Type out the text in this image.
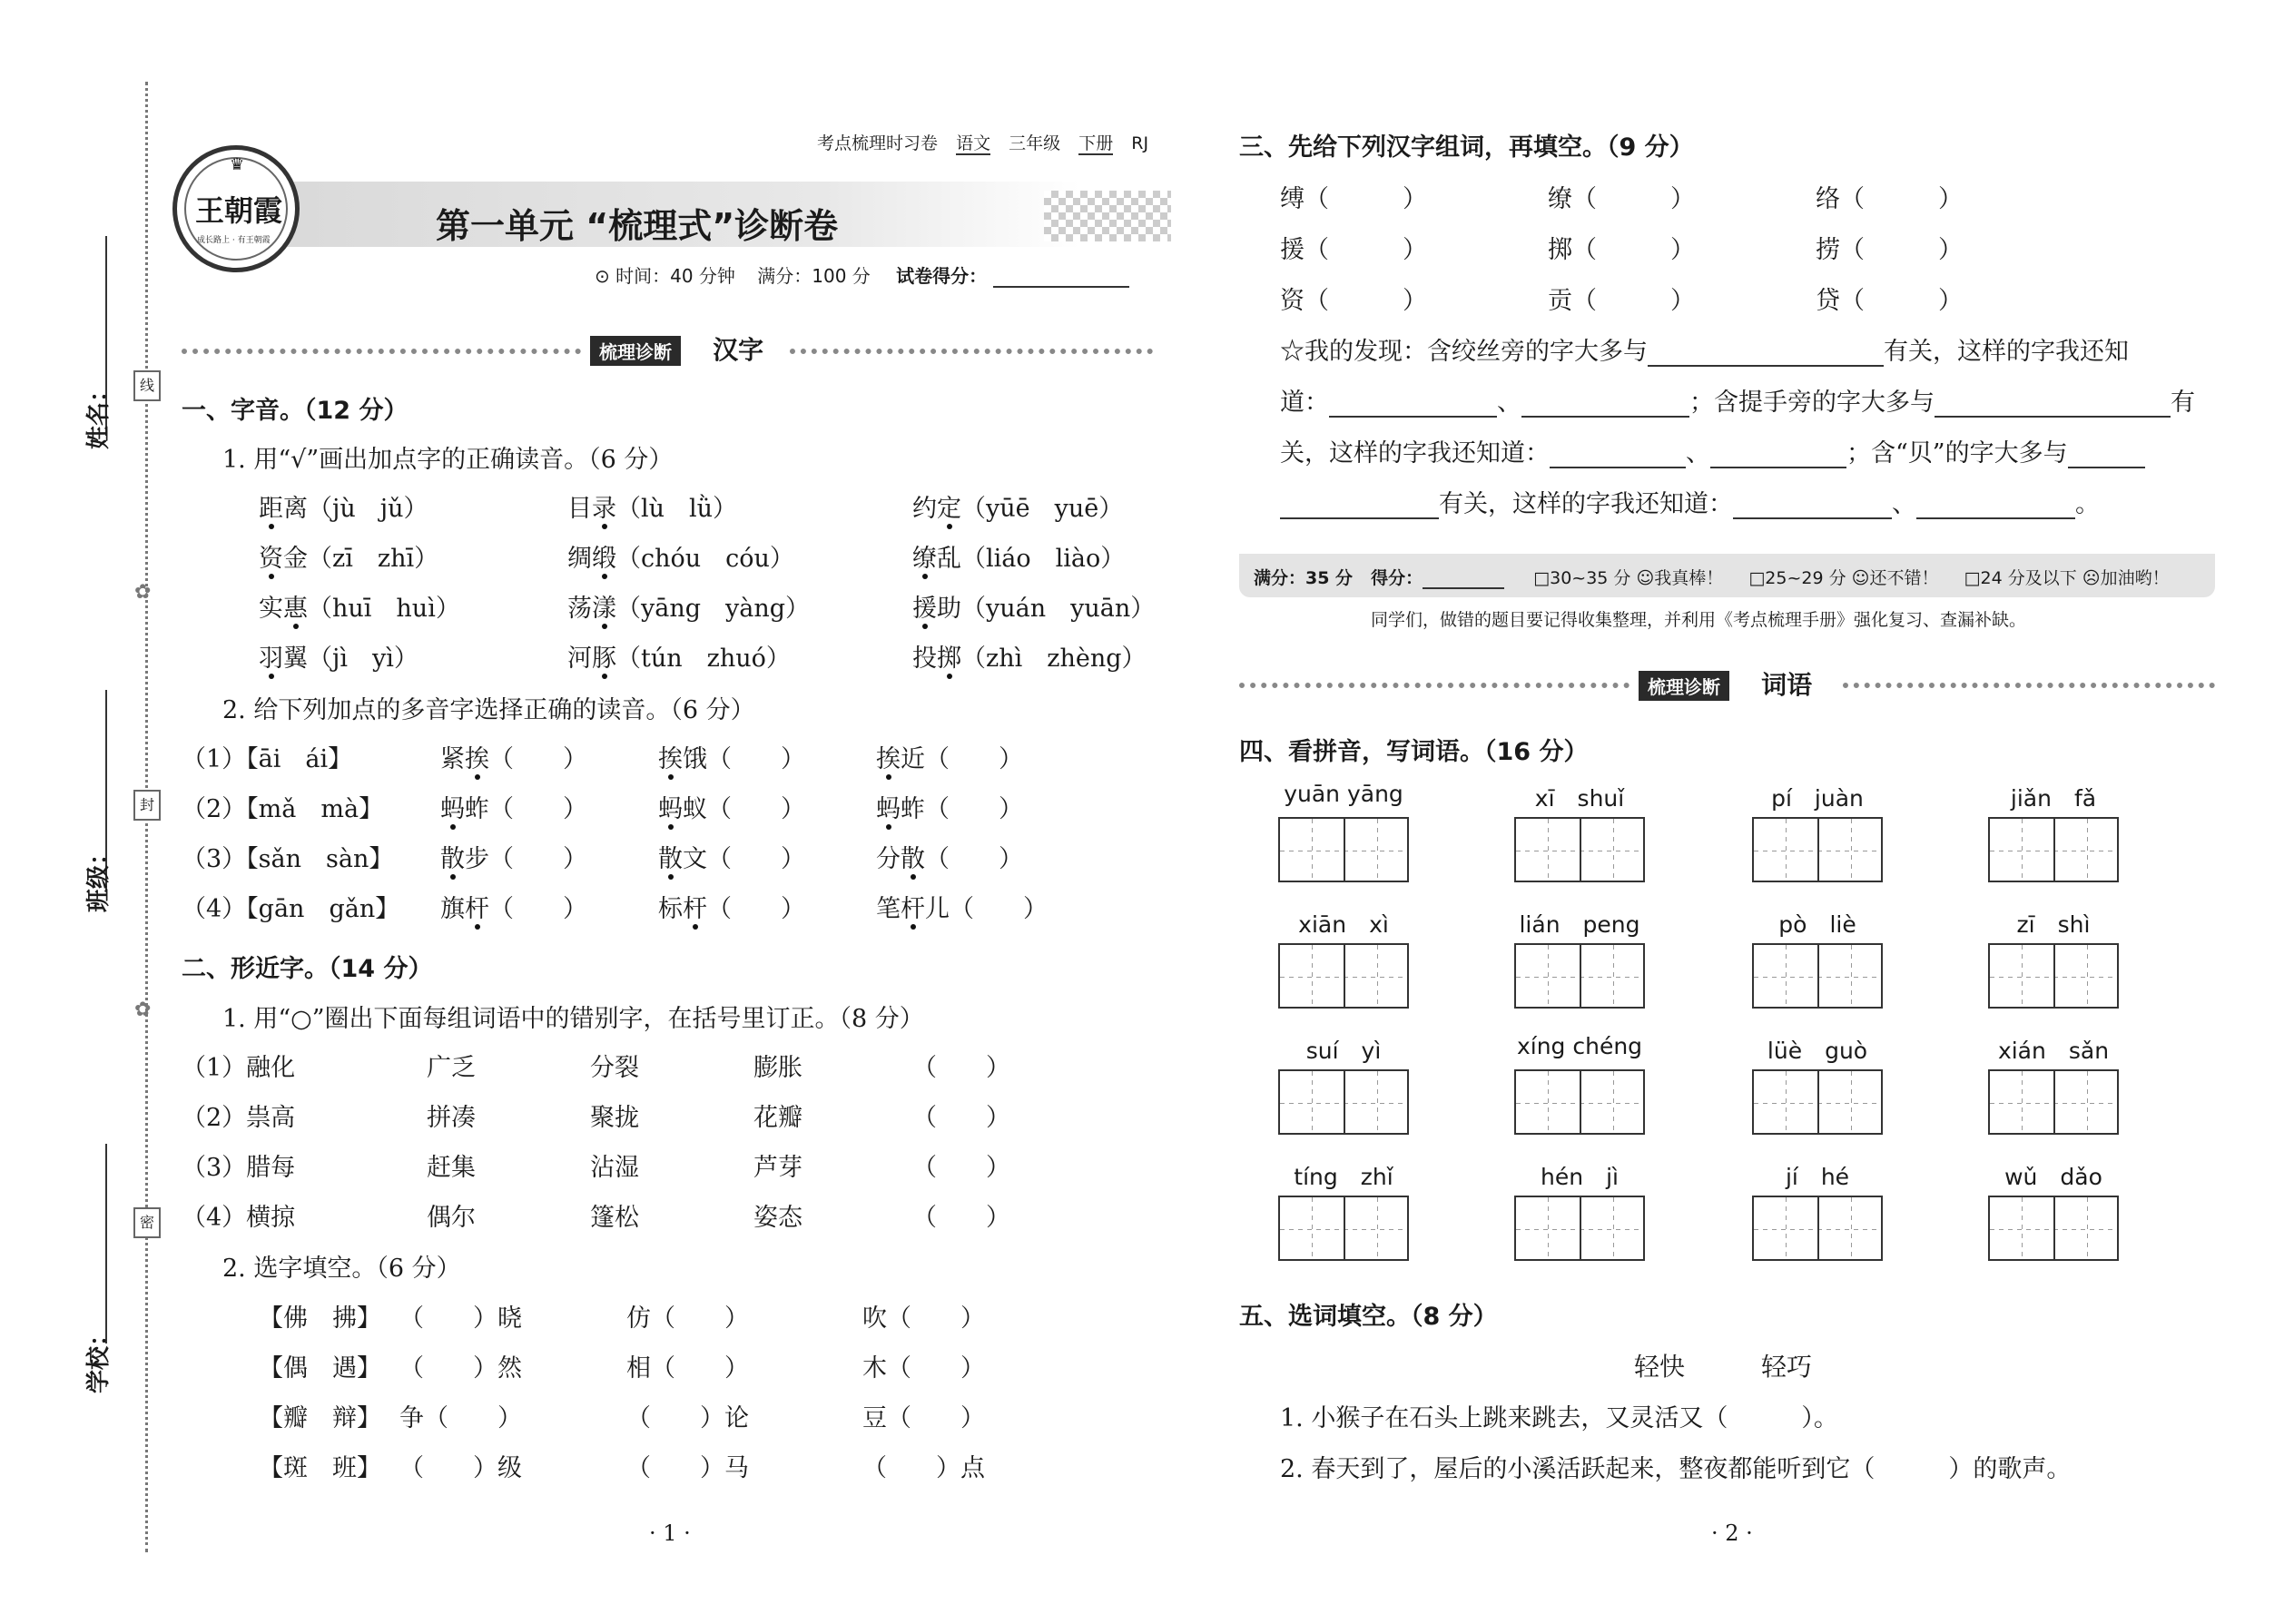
线
✿
封
✿
密
姓名：
班级：
学校：
♛
王朝霞
成长路上 · 有王朝霞
考点梳理时习卷 语文 三年级 下册 RJ
第一单元 “梳理式”诊断卷
⊙ 时间：40 分钟 满分：100 分 试卷得分：
梳理诊断 汉字
一、字音。（12 分）
1. 用“√”画出加点字的正确读音。（6 分）
距离（jù　jǔ）	目录（lù　lǜ）	约定（yūē　yuē）
资金（zī　zhī）	绸缎（chóu　cóu）	缭乱（liáo　liào）
实惠（huī　huì）	荡漾（yāng　yàng）	援助（yuán　yuān）
羽翼（jì　yì）	河豚（tún　zhuó）	投掷（zhì　zhèng）
2. 给下列加点的多音字选择正确的读音。（6 分）
（1）【āi　ái】	紧挨（　　）	挨饿（　　）	挨近（　　）
（2）【mǎ　mà】 蚂蚱（　　）	蚂蚁（　　）	蚂蚱（　　）
（3）【sǎn　sàn】 散步（　　）	散文（　　）	分散（　　）
（4）【gān　gǎn】 旗杆（　　）	标杆（　　）	笔杆儿（　　）
二、形近字。（14 分）
1. 用“○”圈出下面每组词语中的错别字，在括号里订正。（8 分）
（1）融化	广乏	分裂	膨胀	（　　）
（2）祟高	拼凑	聚拢	花瓣	（　　）
（3）腊每	赶集	沾湿	芦芽	（　　）
（4）横掠	偶尔	篷松	姿态	（　　）
2. 选字填空。（6 分）
【佛　拂】 （　　）晓	仿（　　）	吹（　　）
【偶　遇】 （　　）然	相（　　）	木（　　）
【瓣　辩】 争（　　）	（　　）论	豆（　　）
【斑　班】 （　　）级	（　　）马	（　　）点
· 1 ·
三、先给下列汉字组词，再填空。（9 分）
缚（　　　）	缭（　　　）	络（　　　）
援（　　　）	掷（　　　）	捞（　　　）
资（　　　）	贡（　　　）	贷（　　　）
☆我的发现：含绞丝旁的字大多与	有关，这样的字我还知
道：	、	；含提手旁的字大多与	有
关，这样的字我还知道：	、	；含“贝”的字大多与
有关，这样的字我还知道：	、	。
满分：35 分 得分：	□30~35 分 ☺我真棒！ □25~29 分 ☺还不错！ □24 分及以下 ☹加油哟！
同学们，做错的题目要记得收集整理，并利用《考点梳理手册》强化复习、查漏补缺。
梳理诊断 词语
四、看拼音，写词语。（16 分）
yuān yāng	xī　shuǐ	pí　juàn	jiǎn　fǎ
xiān　xì	lián　peng	pò　liè	zī　shì
suí　yì	xíng chéng	lüè　guò	xián　sǎn
tíng　zhǐ	hén　jì	jí　hé	wǔ　dǎo
五、选词填空。（8 分）
轻快　　　轻巧
1. 小猴子在石头上跳来跳去，又灵活又（　　　）。
2. 春天到了，屋后的小溪活跃起来，整夜都能听到它（　　　）的歌声。
· 2 ·
